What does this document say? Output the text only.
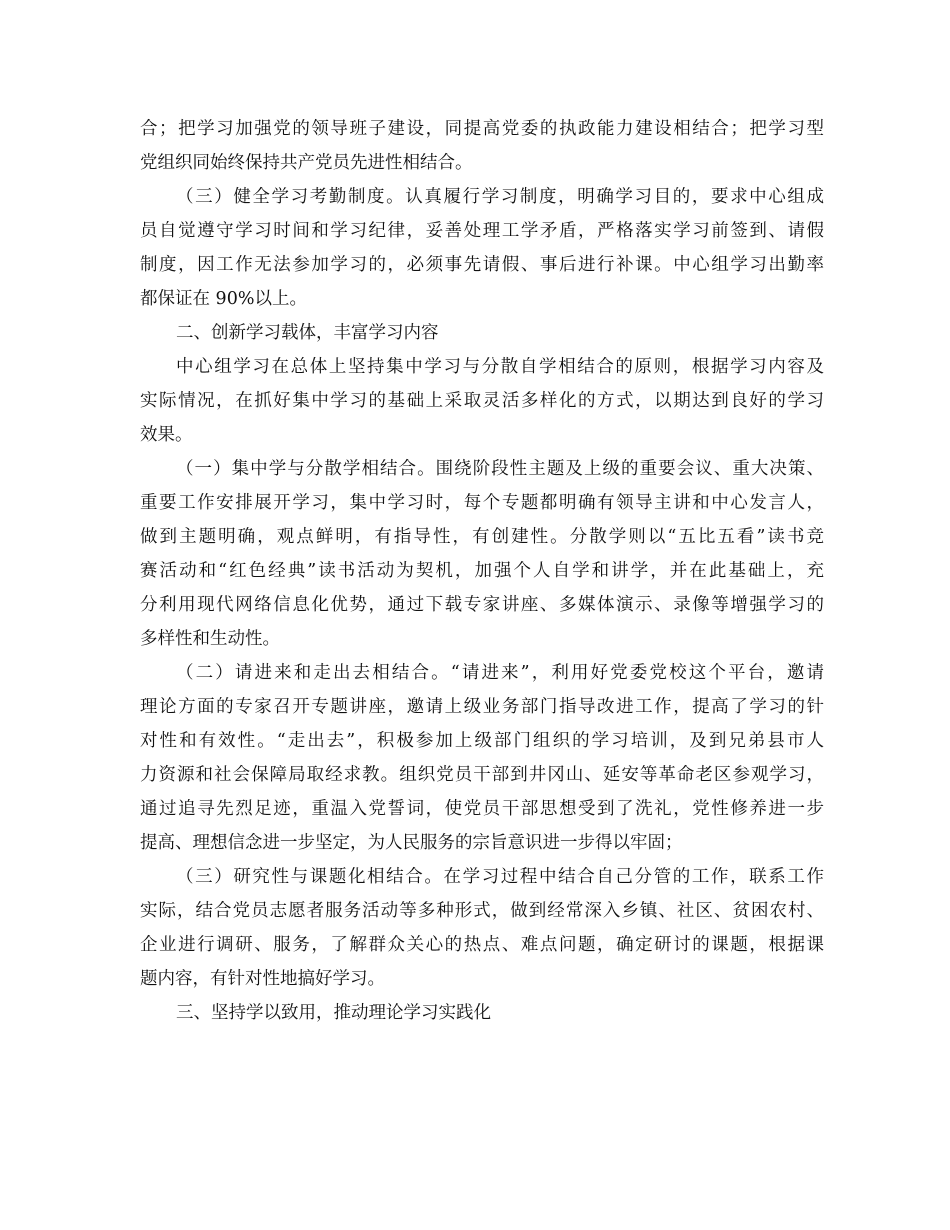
合；把学习加强党的领导班子建设，同提高党委的执政能力建设相结合；把学习型
党组织同始终保持共产党员先进性相结合。
（三）健全学习考勤制度。认真履行学习制度，明确学习目的，要求中心组成
员自觉遵守学习时间和学习纪律，妥善处理工学矛盾，严格落实学习前签到、请假
制度，因工作无法参加学习的，必须事先请假、事后进行补课。中心组学习出勤率
都保证在 90%以上。
二、创新学习载体，丰富学习内容
中心组学习在总体上坚持集中学习与分散自学相结合的原则，根据学习内容及
实际情况，在抓好集中学习的基础上采取灵活多样化的方式，以期达到良好的学习
效果。
（一）集中学与分散学相结合。围绕阶段性主题及上级的重要会议、重大决策、
重要工作安排展开学习，集中学习时，每个专题都明确有领导主讲和中心发言人，
做到主题明确，观点鲜明，有指导性，有创建性。分散学则以“五比五看”读书竞
赛活动和“红色经典”读书活动为契机，加强个人自学和讲学，并在此基础上，充
分利用现代网络信息化优势，通过下载专家讲座、多媒体演示、录像等增强学习的
多样性和生动性。
（二）请进来和走出去相结合。“请进来”，利用好党委党校这个平台，邀请
理论方面的专家召开专题讲座，邀请上级业务部门指导改进工作，提高了学习的针
对性和有效性。“走出去”，积极参加上级部门组织的学习培训，及到兄弟县市人
力资源和社会保障局取经求教。组织党员干部到井冈山、延安等革命老区参观学习，
通过追寻先烈足迹，重温入党誓词，使党员干部思想受到了洗礼，党性修养进一步
提高、理想信念进一步坚定，为人民服务的宗旨意识进一步得以牢固；
（三）研究性与课题化相结合。在学习过程中结合自己分管的工作，联系工作
实际，结合党员志愿者服务活动等多种形式，做到经常深入乡镇、社区、贫困农村、
企业进行调研、服务，了解群众关心的热点、难点问题，确定研讨的课题，根据课
题内容，有针对性地搞好学习。
三、坚持学以致用，推动理论学习实践化
